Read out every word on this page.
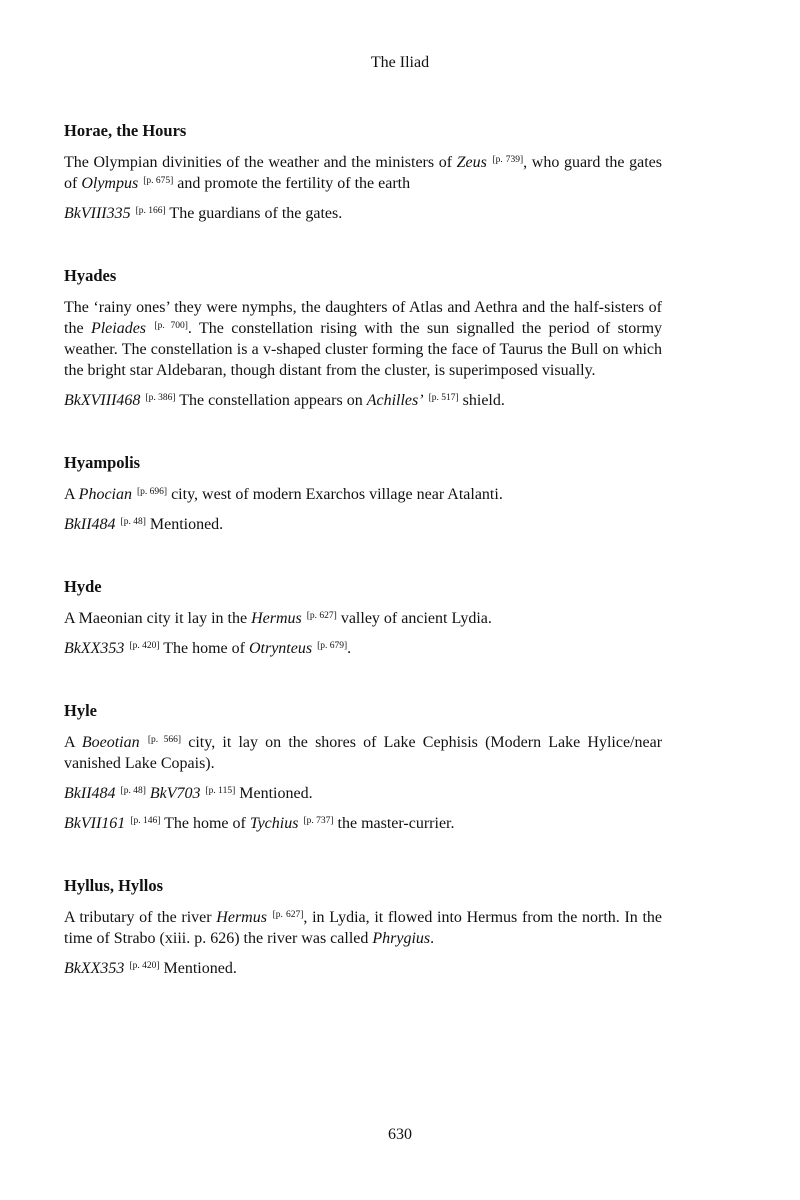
The Iliad
Horae, the Hours

The Olympian divinities of the weather and the ministers of Zeus [p. 739], who guard the gates of Olympus [p. 675] and promote the fertility of the earth

BkVIII335 [p. 166] The guardians of the gates.

Hyades

The ‘rainy ones’ they were nymphs, the daughters of Atlas and Aethra and the half-sisters of the Pleiades [p. 700]. The constellation rising with the sun signalled the period of stormy weather. The constellation is a v-shaped cluster forming the face of Taurus the Bull on which the bright star Aldebaran, though distant from the cluster, is superimposed visually.

BkXVIII468 [p. 386] The constellation appears on Achilles’ [p. 517] shield.

Hyampolis

A Phocian [p. 696] city, west of modern Exarchos village near Atalanti.

BkII484 [p. 48] Mentioned.

Hyde

A Maeonian city it lay in the Hermus [p. 627] valley of ancient Lydia.

BkXX353 [p. 420] The home of Otrynteus [p. 679].

Hyle

A Boeotian [p. 566] city, it lay on the shores of Lake Cephisis (Modern Lake Hylice/near vanished Lake Copais).

BkII484 [p. 48] BkV703 [p. 115] Mentioned.

BkVII161 [p. 146] The home of Tychius [p. 737] the master-currier.

Hyllus, Hyllos

A tributary of the river Hermus [p. 627], in Lydia, it flowed into Hermus from the north. In the time of Strabo (xiii. p. 626) the river was called Phrygius.

BkXX353 [p. 420] Mentioned.

630
